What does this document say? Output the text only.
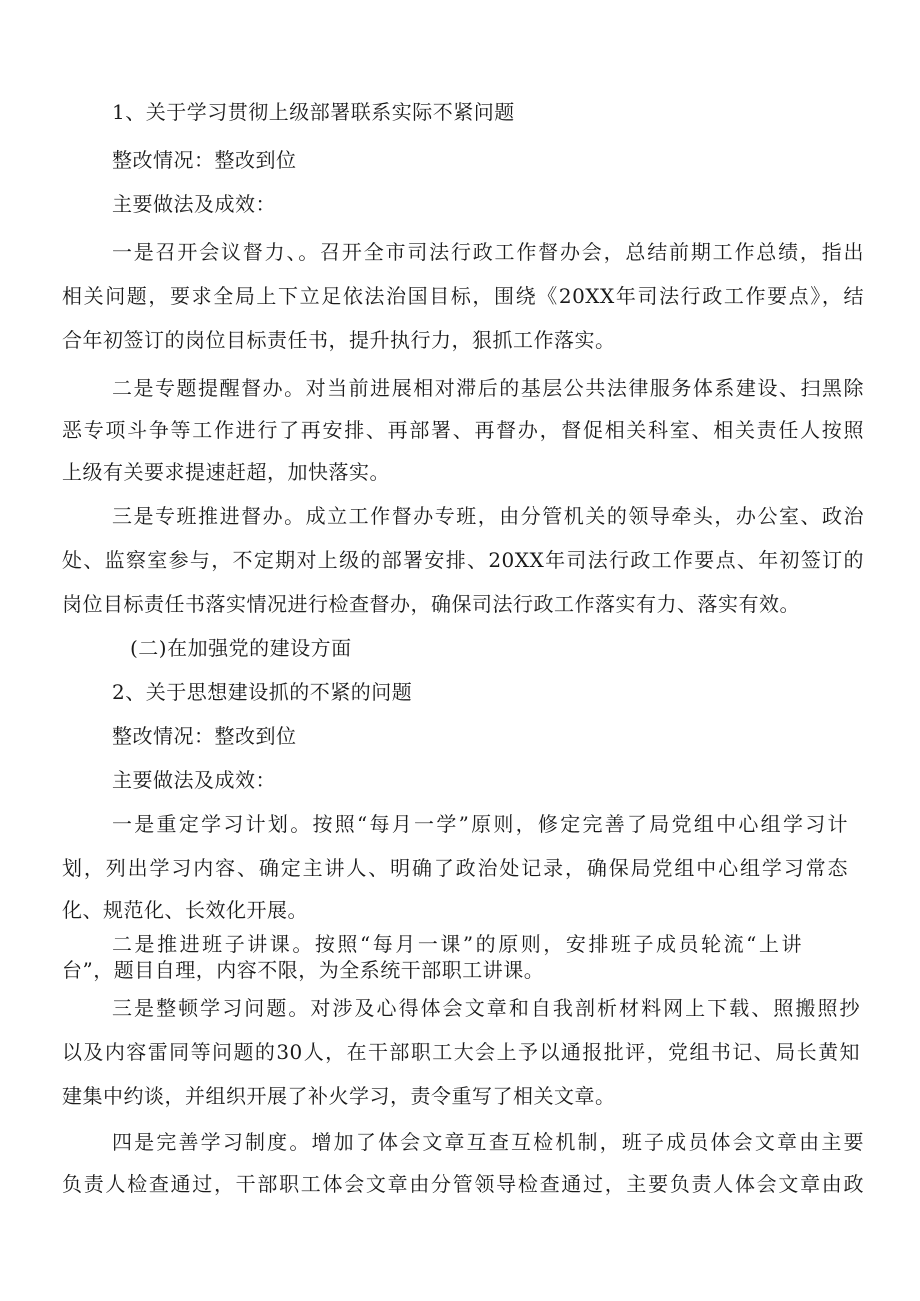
1、关于学习贯彻上级部署联系实际不紧问题
整改情况：整改到位
主要做法及成效：
一是召开会议督力、。召开全市司法行政工作督办会，总结前期工作总绩，指出
相关问题，要求全局上下立足依法治国目标，围绕《20XX年司法行政工作要点》，结
合年初签订的岗位目标责任书，提升执行力，狠抓工作落实。
二是专题提醒督办。对当前进展相对滞后的基层公共法律服务体系建设、扫黑除
恶专项斗争等工作进行了再安排、再部署、再督办，督促相关科室、相关责任人按照
上级有关要求提速赶超，加快落实。
三是专班推进督办。成立工作督办专班，由分管机关的领导牵头，办公室、政治
处、监察室参与，不定期对上级的部署安排、20XX年司法行政工作要点、年初签订的
岗位目标责任书落实情况进行检查督办，确保司法行政工作落实有力、落实有效。
(二)在加强党的建设方面
2、关于思想建设抓的不紧的问题
整改情况：整改到位
主要做法及成效：
一是重定学习计划。按照“每月一学”原则，修定完善了局党组中心组学习计
划，列出学习内容、确定主讲人、明确了政治处记录，确保局党组中心组学习常态
化、规范化、长效化开展。
二是推进班子讲课。按照“每月一课”的原则，安排班子成员轮流“上讲
台”，题目自理，内容不限，为全系统干部职工讲课。
三是整顿学习问题。对涉及心得体会文章和自我剖析材料网上下载、照搬照抄
以及内容雷同等问题的30人，在干部职工大会上予以通报批评，党组书记、局长黄知
建集中约谈，并组织开展了补火学习，责令重写了相关文章。
四是完善学习制度。增加了体会文章互查互检机制，班子成员体会文章由主要
负责人检查通过，干部职工体会文章由分管领导检查通过，主要负责人体会文章由政
